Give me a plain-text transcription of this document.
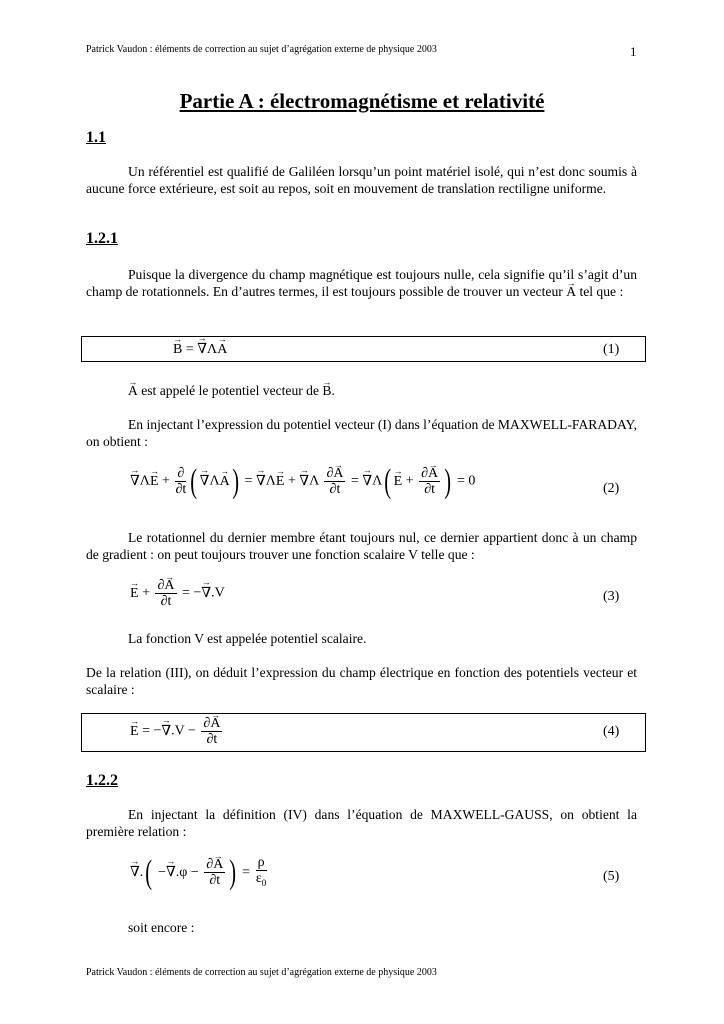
Patrick Vaudon : éléments de correction au sujet d’agrégation externe de physique 2003	1
Partie A : électromagnétisme et relativité
1.1
Un référentiel est qualifié de Galiléen lorsqu’un point matériel isolé, qui n’est donc soumis à aucune force extérieure, est soit au repos, soit en mouvement de translation rectiligne uniforme.
1.2.1
Puisque la divergence du champ magnétique est toujours nulle, cela signifie qu’il s’agit d’un champ de rotationnels. En d’autres termes, il est toujours possible de trouver un vecteur → A tel que :
→ B = → ∇Λ→ A	(1)
→ A est appelé le potentiel vecteur de → B.
En injectant l’expression du potentiel vecteur (I) dans l’équation de MAXWELL-FARADAY, on obtient :
→ $\nabla\Lambda\to E + \frac{\partial}{\partial t}$ ( → ∇Λ→ A) = → ∇Λ→ E + → $\nabla\Lambda \frac{\partial\to A}{\partial t}$ = → $\nabla\Lambda( \to E + \frac{\partial\to A}{\partial t}$ ) = 0	(2)
Le rotationnel du dernier membre étant toujours nul, ce dernier appartient donc à un champ de gradient : on peut toujours trouver une fonction scalaire V telle que :
→ $E + \frac{\partial\to A}{\partial t}$ = −→ ∇.V	(3)
La fonction V est appelée potentiel scalaire.
De la relation (III), on déduit l’expression du champ électrique en fonction des potentiels vecteur et scalaire :
→ E = −→ $\nabla.V - \frac{\partial\to A}{\partial t}$	(4)
1.2.2
En injectant la définition (IV) dans l’équation de MAXWELL-GAUSS, on obtient la première relation :
→ ∇.( −→ $\nabla.\varphi - \frac{\partial\to A}{\partial t}$ ) = $\frac{\rho}{\varepsilon_0}$	(5)
soit encore :
Patrick Vaudon : éléments de correction au sujet d’agrégation externe de physique 2003
